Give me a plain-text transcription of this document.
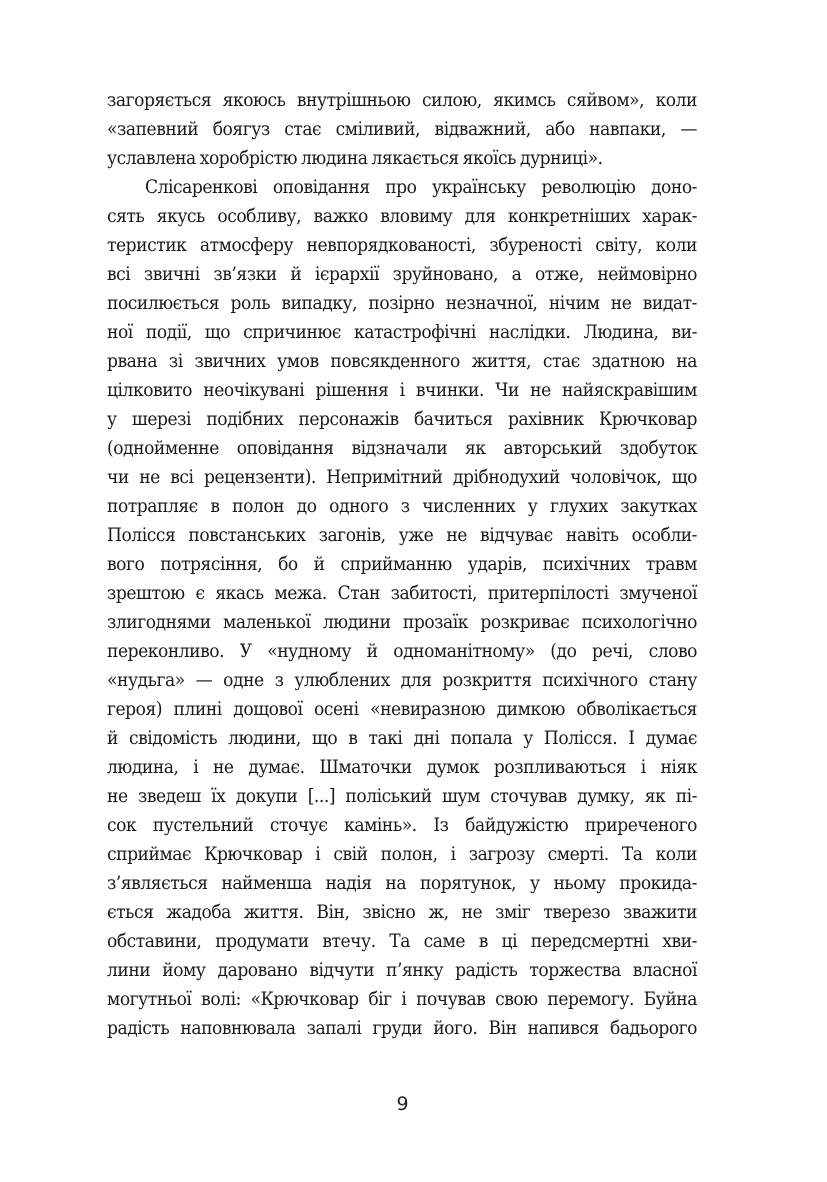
загоряється якоюсь внутрішньою силою, якимсь сяйвом», коли
«запевний боягуз стає сміливий, відважний, або навпаки, —
уславлена хоробрістю людина лякається якоїсь дурниці».
Слісаренкові оповідання про українську революцію доно-
сять якусь особливу, важко вловиму для конкретніших харак-
теристик атмосферу невпорядкованості, збуреності світу, коли
всі звичні зв’язки й ієрархії зруйновано, а отже, неймовірно
посилюється роль випадку, позірно незначної, нічим не видат-
ної події, що спричинює катастрофічні наслідки. Людина, ви-
рвана зі звичних умов повсякденного життя, стає здатною на
цілковито неочікувані рішення і вчинки. Чи не найяскравішим
у шерезі подібних персонажів бачиться рахівник Крючковар
(однойменне оповідання відзначали як авторський здобуток
чи не всі рецензенти). Непримітний дрібнодухий чоловічок, що
потрапляє в полон до одного з численних у глухих закутках
Полісся повстанських загонів, уже не відчуває навіть особли-
вого потрясіння, бо й сприйманню ударів, психічних травм
зрештою є якась межа. Стан забитості, притерпілості змученої
злигоднями маленької людини прозаїк розкриває психологічно
переконливо. У «нудному й одноманітному» (до речі, слово
«нудьга» — одне з улюблених для розкриття психічного стану
героя) плині дощової осені «невиразною димкою обволікається
й свідомість людини, що в такі дні попала у Полісся. І думає
людина, і не думає. Шматочки думок розпливаються і ніяк
не зведеш їх докупи [...] поліський шум сточував думку, як пі-
сок пустельний сточує камінь». Із байдужістю приреченого
сприймає Крючковар і свій полон, і загрозу смерті. Та коли
з’являється найменша надія на порятунок, у ньому прокида-
ється жадоба життя. Він, звісно ж, не зміг тверезо зважити
обставини, продумати втечу. Та саме в ці передсмертні хви-
лини йому даровано відчути п’янку радість торжества власної
могутньої волі: «Крючковар біг і почував свою перемогу. Буйна
радість наповнювала запалі груди його. Він напився бадьорого
9
